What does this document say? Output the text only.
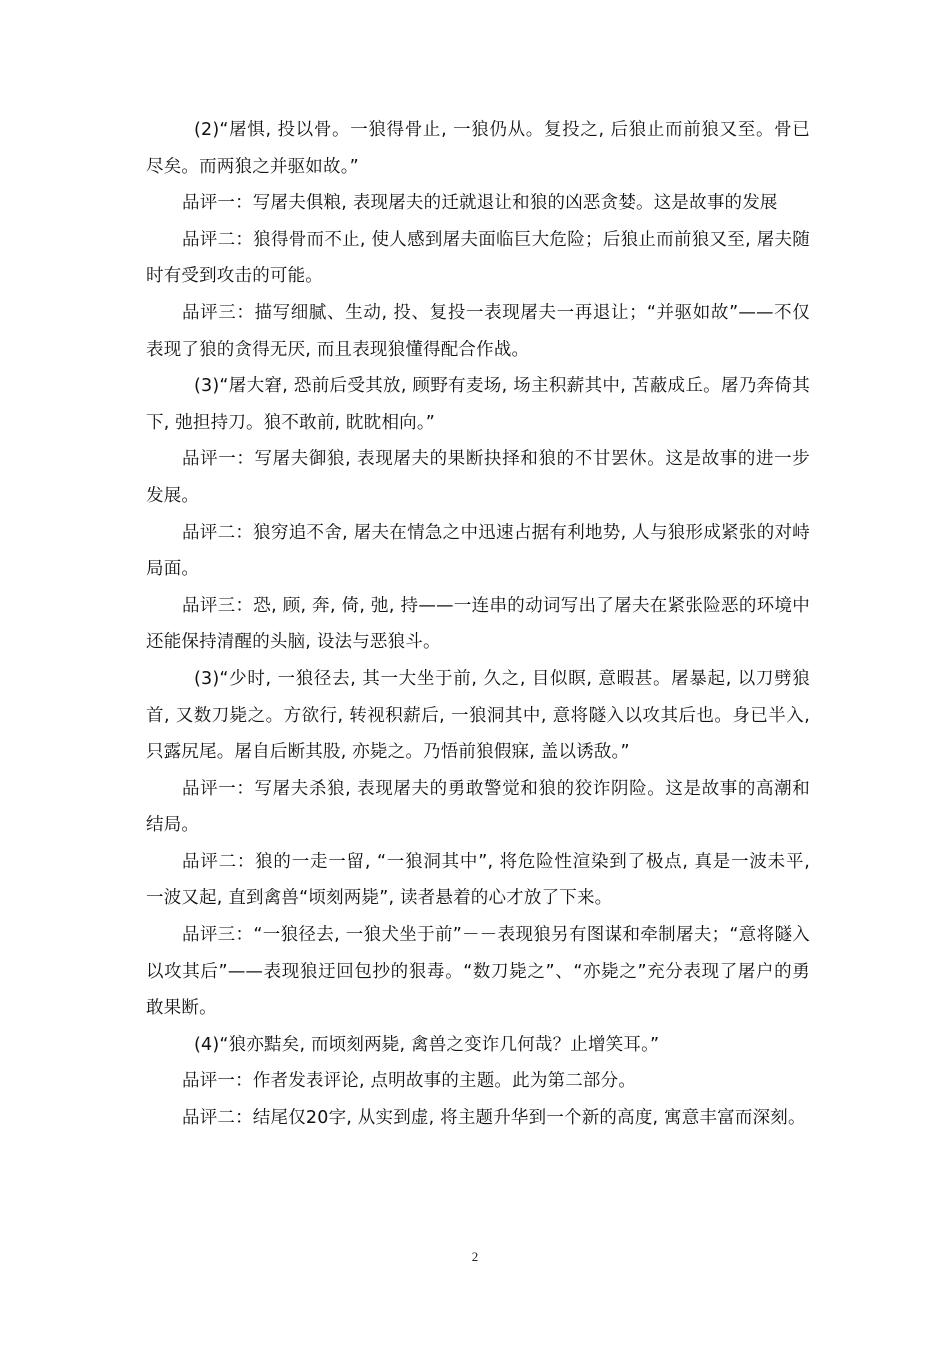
(2)“屠惧, 投以骨。一狼得骨止, 一狼仍从。复投之, 后狼止而前狼又至。骨已尽矣。而两狼之并驱如故。”

品评一：写屠夫俱粮, 表现屠夫的迁就退让和狼的凶恶贪婪。这是故事的发展

品评二：狼得骨而不止, 使人感到屠夫面临巨大危险；后狼止而前狼又至, 屠夫随时有受到攻击的可能。

品评三：描写细腻、生动, 投、复投一表现屠夫一再退让；“并驱如故”——不仅表现了狼的贪得无厌, 而且表现狼懂得配合作战。

(3)“屠大窘, 恐前后受其放, 顾野有麦场, 场主积薪其中, 苫蔽成丘。屠乃奔倚其下, 弛担持刀。狼不敢前, 眈眈相向。”

品评一：写屠夫御狼, 表现屠夫的果断抉择和狼的不甘罢休。这是故事的进一步发展。

品评二：狼穷追不舍, 屠夫在情急之中迅速占据有利地势, 人与狼形成紧张的对峙局面。

品评三：恐, 顾, 奔, 倚, 弛, 持——一连串的动词写出了屠夫在紧张险恶的环境中还能保持清醒的头脑, 设法与恶狼斗。

(3)“少时, 一狼径去, 其一大坐于前, 久之, 目似瞑, 意暇甚。屠暴起, 以刀劈狼首, 又数刀毙之。方欲行, 转视积薪后, 一狼洞其中, 意将隧入以攻其后也。身已半入, 只露尻尾。屠自后断其股, 亦毙之。乃悟前狼假寐, 盖以诱敌。”

品评一：写屠夫杀狼, 表现屠夫的勇敢警觉和狼的狡诈阴险。这是故事的高潮和结局。

品评二：狼的一走一留, “一狼洞其中”, 将危险性渲染到了极点, 真是一波未平, 一波又起, 直到禽兽“顷刻两毙”, 读者悬着的心才放了下来。

品评三：“一狼径去, 一狼犬坐于前”－－表现狼另有图谋和牵制屠夫；“意将隧入以攻其后”——表现狼迂回包抄的狠毒。“数刀毙之”、“亦毙之”充分表现了屠户的勇敢果断。

(4)“狼亦黠矣, 而顷刻两毙, 禽兽之变诈几何哉？止增笑耳。”

品评一：作者发表评论, 点明故事的主题。此为第二部分。

品评二：结尾仅20字, 从实到虚, 将主题升华到一个新的高度, 寓意丰富而深刻。

2
